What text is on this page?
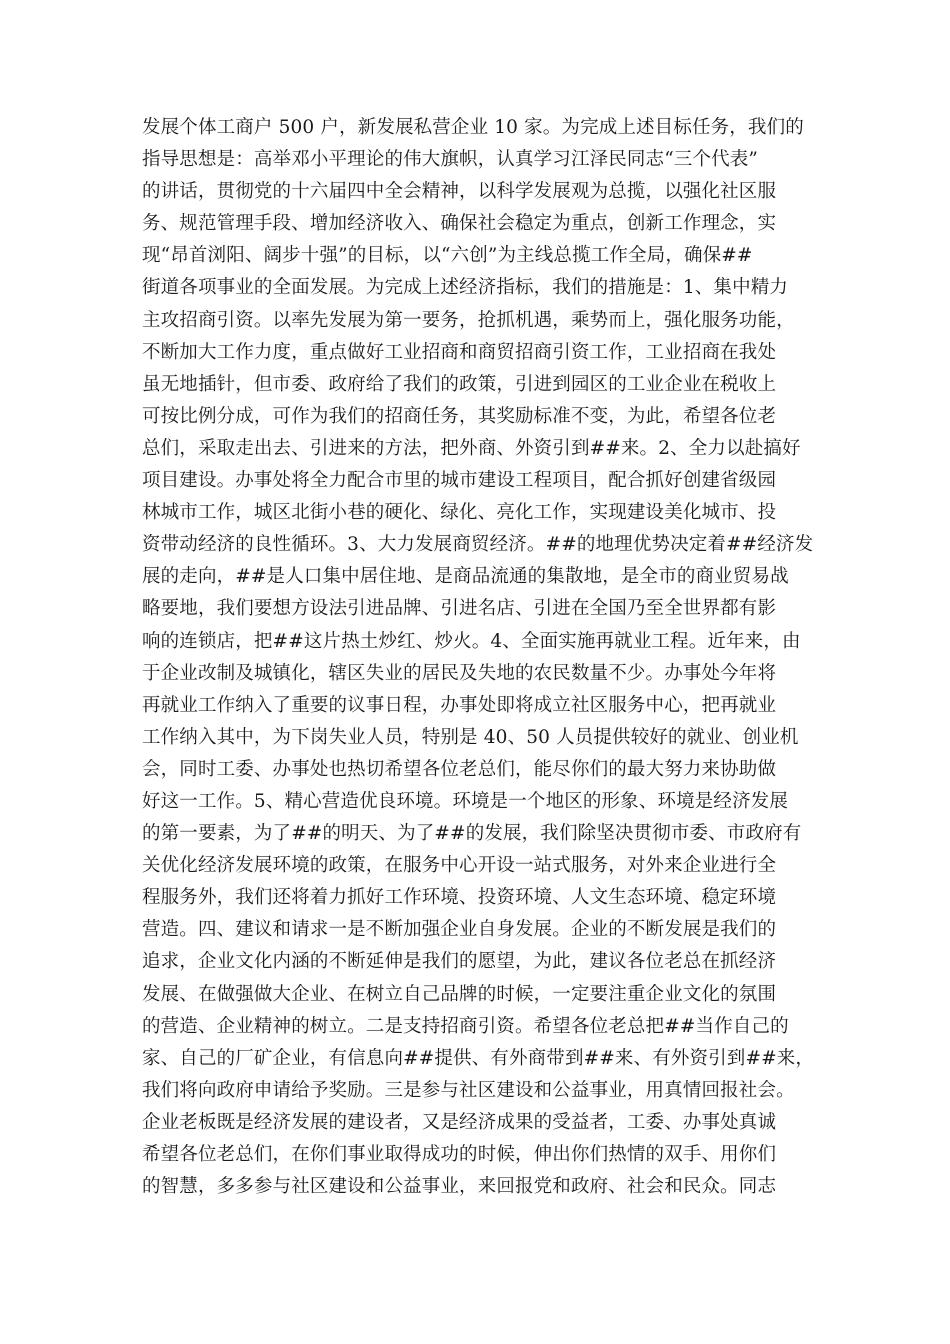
发展个体工商户 500 户，新发展私营企业 10 家。为完成上述目标任务，我们的
指导思想是：高举邓小平理论的伟大旗帜，认真学习江泽民同志“三个代表”
的讲话，贯彻党的十六届四中全会精神，以科学发展观为总揽，以强化社区服
务、规范管理手段、增加经济收入、确保社会稳定为重点，创新工作理念，实
现“昂首浏阳、阔步十强”的目标，以“六创”为主线总揽工作全局，确保##
街道各项事业的全面发展。为完成上述经济指标，我们的措施是：1、集中精力
主攻招商引资。以率先发展为第一要务，抢抓机遇，乘势而上，强化服务功能，
不断加大工作力度，重点做好工业招商和商贸招商引资工作，工业招商在我处
虽无地插针，但市委、政府给了我们的政策，引进到园区的工业企业在税收上
可按比例分成，可作为我们的招商任务，其奖励标准不变，为此，希望各位老
总们，采取走出去、引进来的方法，把外商、外资引到##来。2、全力以赴搞好
项目建设。办事处将全力配合市里的城市建设工程项目，配合抓好创建省级园
林城市工作，城区北街小巷的硬化、绿化、亮化工作，实现建设美化城市、投
资带动经济的良性循环。3、大力发展商贸经济。##的地理优势决定着##经济发
展的走向，##是人口集中居住地、是商品流通的集散地，是全市的商业贸易战
略要地，我们要想方设法引进品牌、引进名店、引进在全国乃至全世界都有影
响的连锁店，把##这片热土炒红、炒火。4、全面实施再就业工程。近年来，由
于企业改制及城镇化，辖区失业的居民及失地的农民数量不少。办事处今年将
再就业工作纳入了重要的议事日程，办事处即将成立社区服务中心，把再就业
工作纳入其中，为下岗失业人员，特别是 40、50 人员提供较好的就业、创业机
会，同时工委、办事处也热切希望各位老总们，能尽你们的最大努力来协助做
好这一工作。5、精心营造优良环境。环境是一个地区的形象、环境是经济发展
的第一要素，为了##的明天、为了##的发展，我们除坚决贯彻市委、市政府有
关优化经济发展环境的政策，在服务中心开设一站式服务，对外来企业进行全
程服务外，我们还将着力抓好工作环境、投资环境、人文生态环境、稳定环境
营造。四、建议和请求一是不断加强企业自身发展。企业的不断发展是我们的
追求，企业文化内涵的不断延伸是我们的愿望，为此，建议各位老总在抓经济
发展、在做强做大企业、在树立自己品牌的时候，一定要注重企业文化的氛围
的营造、企业精神的树立。二是支持招商引资。希望各位老总把##当作自己的
家、自己的厂矿企业，有信息向##提供、有外商带到##来、有外资引到##来，
我们将向政府申请给予奖励。三是参与社区建设和公益事业，用真情回报社会。
企业老板既是经济发展的建设者，又是经济成果的受益者，工委、办事处真诚
希望各位老总们，在你们事业取得成功的时候，伸出你们热情的双手、用你们
的智慧，多多参与社区建设和公益事业，来回报党和政府、社会和民众。同志
